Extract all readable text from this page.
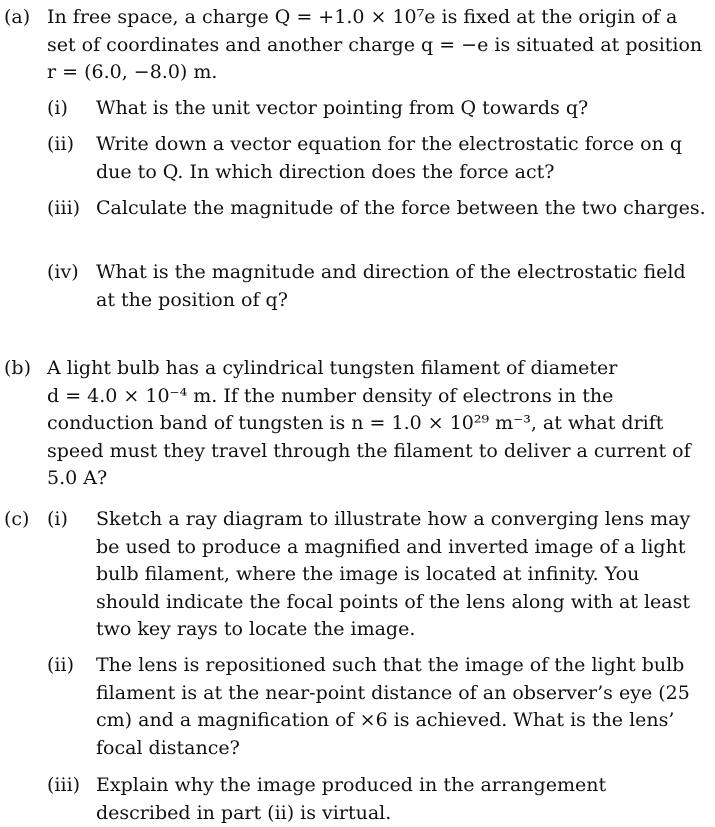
(a) In free space, a charge Q = +1.0 × 10⁷e is fixed at the origin of a
set of coordinates and another charge q = −e is situated at position
r = (6.0, −8.0) m.
(i) What is the unit vector pointing from Q towards q?
(ii) Write down a vector equation for the electrostatic force on q
due to Q. In which direction does the force act?
(iii) Calculate the magnitude of the force between the two charges.
(iv) What is the magnitude and direction of the electrostatic field
at the position of q?
(b) A light bulb has a cylindrical tungsten filament of diameter
d = 4.0 × 10⁻⁴ m. If the number density of electrons in the
conduction band of tungsten is n = 1.0 × 10²⁹ m⁻³, at what drift
speed must they travel through the filament to deliver a current of
5.0 A?
(c) (i) Sketch a ray diagram to illustrate how a converging lens may
be used to produce a magnified and inverted image of a light
bulb filament, where the image is located at infinity. You
should indicate the focal points of the lens along with at least
two key rays to locate the image.
(ii) The lens is repositioned such that the image of the light bulb
filament is at the near-point distance of an observer’s eye (25
cm) and a magnification of ×6 is achieved. What is the lens’
focal distance?
(iii) Explain why the image produced in the arrangement
described in part (ii) is virtual.
